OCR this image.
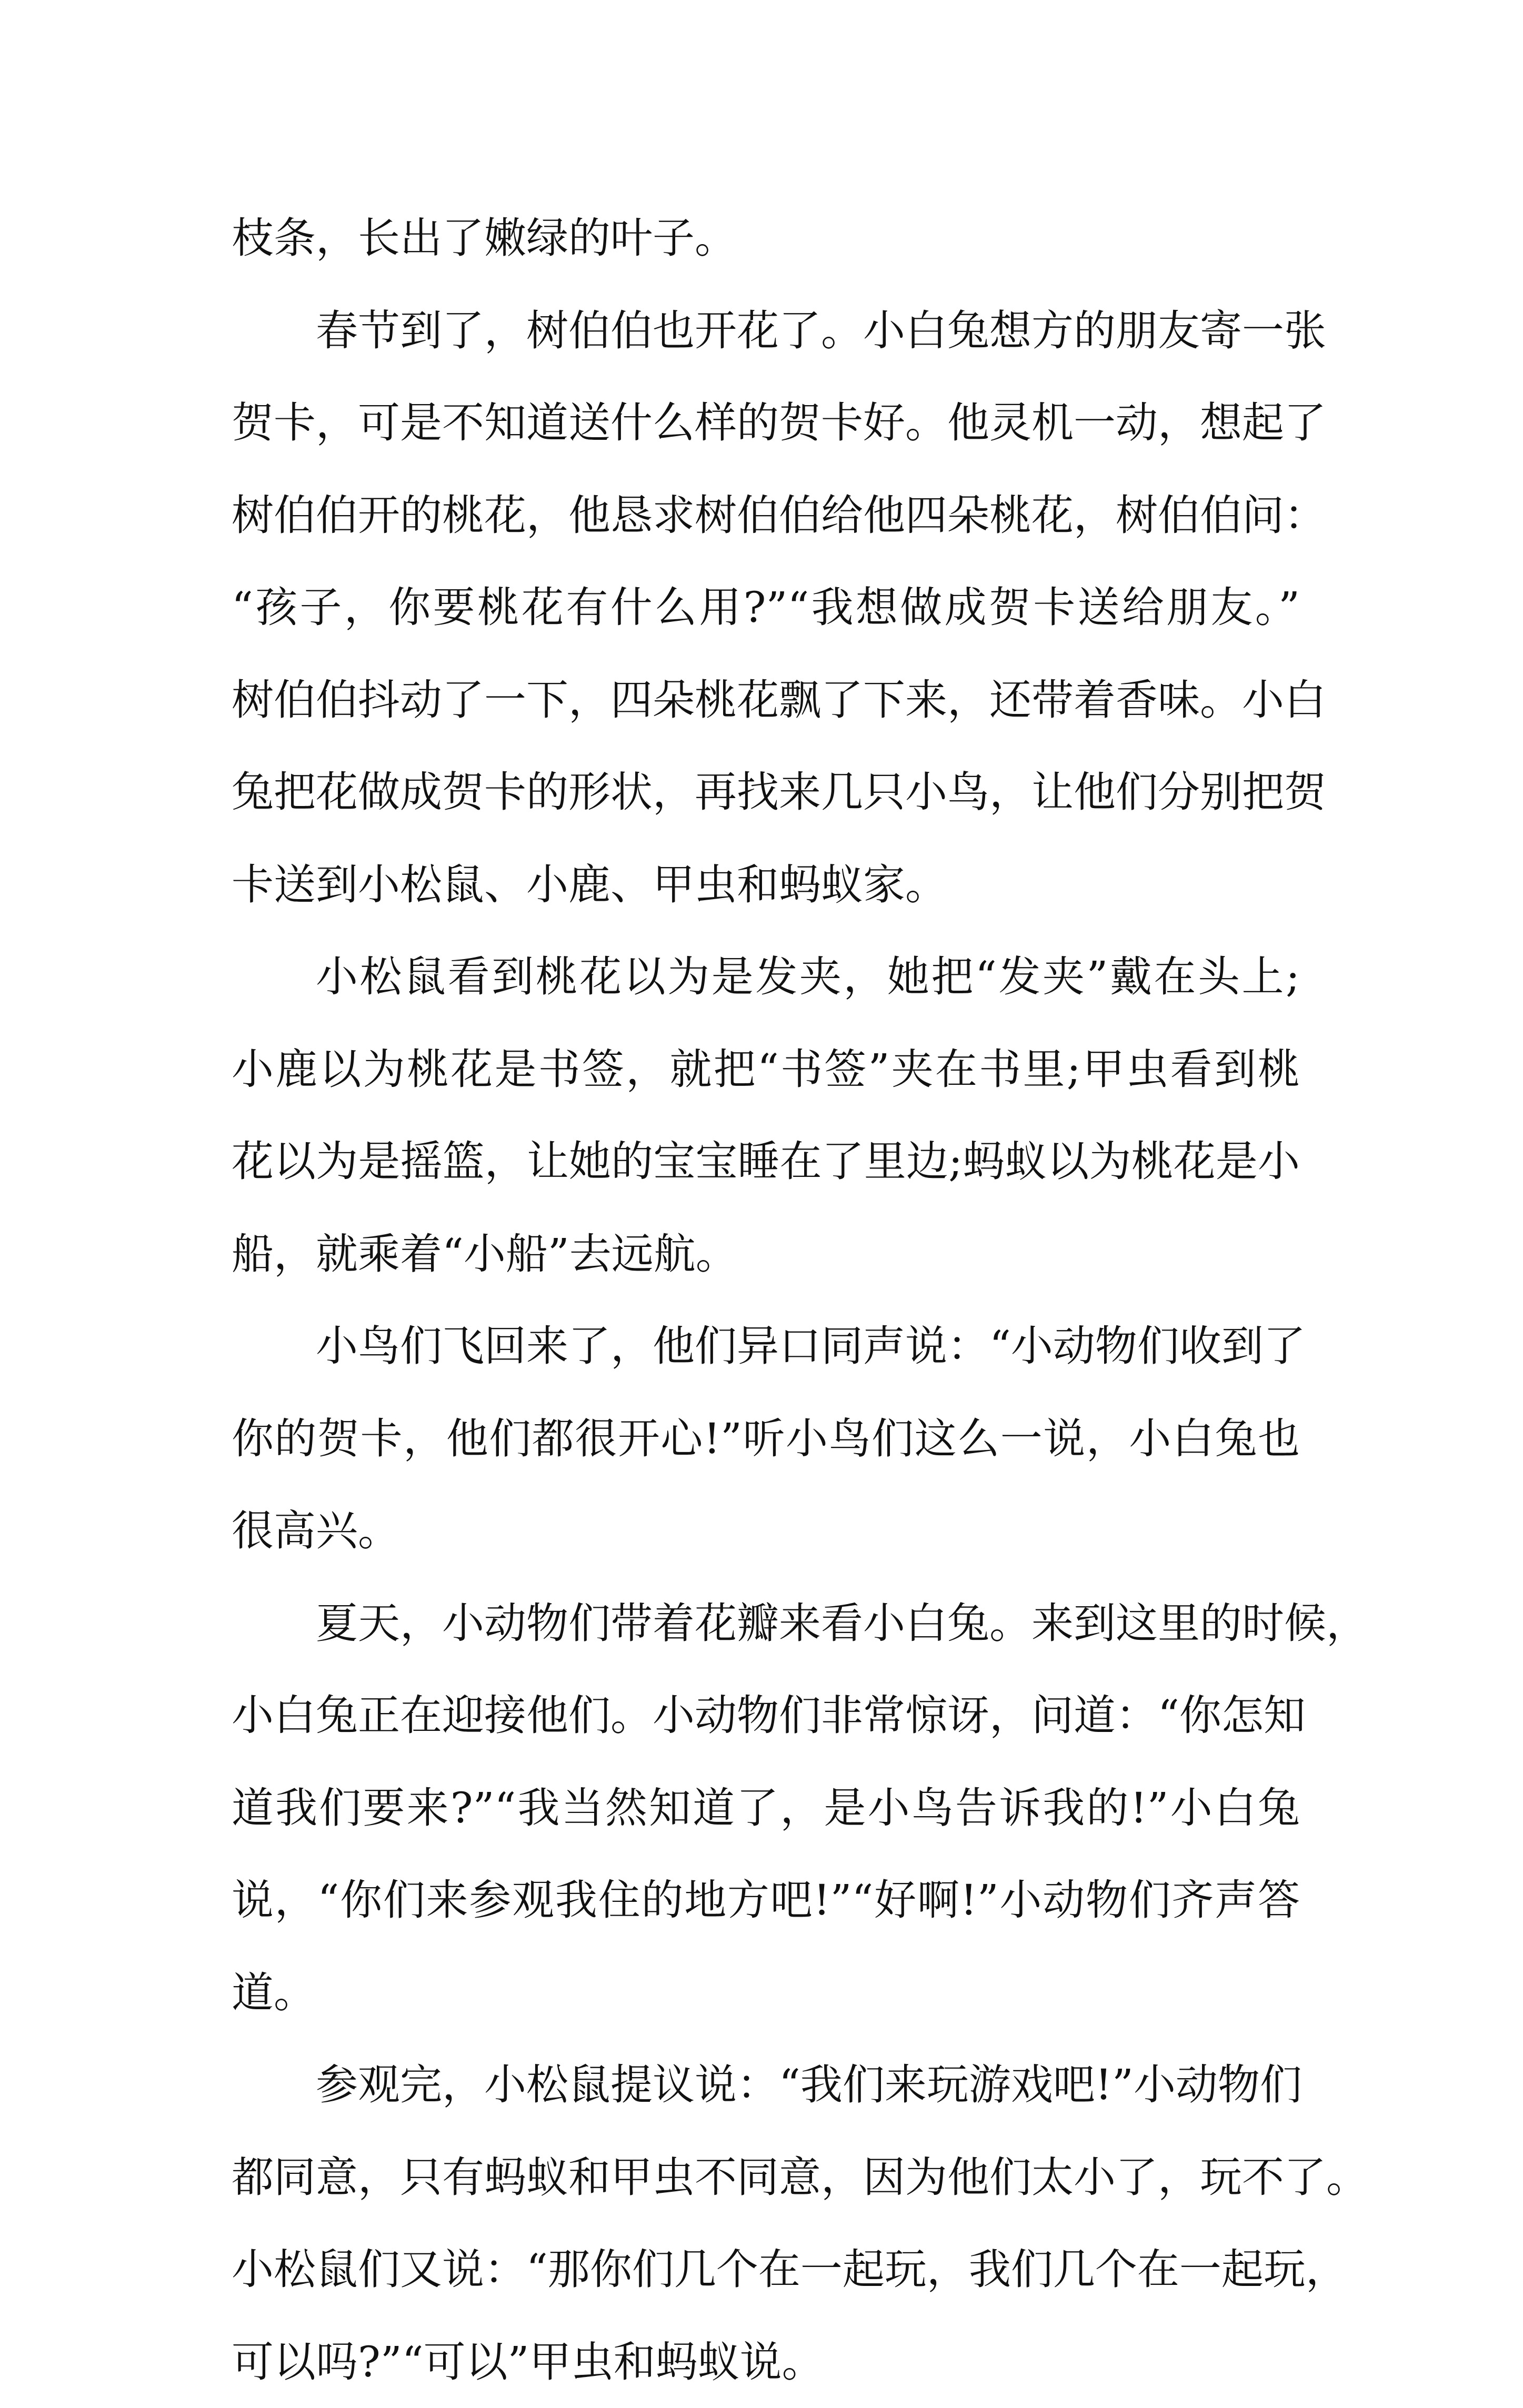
枝条，长出了嫩绿的叶子。
春节到了，树伯伯也开花了。小白兔想方的朋友寄一张
贺卡，可是不知道送什么样的贺卡好。他灵机一动，想起了
树伯伯开的桃花，他恳求树伯伯给他四朵桃花，树伯伯问：
“孩子，你要桃花有什么用?”“我想做成贺卡送给朋友。”
树伯伯抖动了一下，四朵桃花飘了下来，还带着香味。小白
兔把花做成贺卡的形状，再找来几只小鸟，让他们分别把贺
卡送到小松鼠、小鹿、甲虫和蚂蚁家。
小松鼠看到桃花以为是发夹，她把“发夹”戴在头上;
小鹿以为桃花是书签，就把“书签”夹在书里;甲虫看到桃
花以为是摇篮，让她的宝宝睡在了里边;蚂蚁以为桃花是小
船，就乘着“小船”去远航。
小鸟们飞回来了，他们异口同声说：“小动物们收到了
你的贺卡，他们都很开心!”听小鸟们这么一说，小白兔也
很高兴。
夏天，小动物们带着花瓣来看小白兔。来到这里的时候，
小白兔正在迎接他们。小动物们非常惊讶，问道：“你怎知
道我们要来?”“我当然知道了，是小鸟告诉我的!”小白兔
说，“你们来参观我住的地方吧!”“好啊!”小动物们齐声答
道。
参观完，小松鼠提议说：“我们来玩游戏吧!”小动物们
都同意，只有蚂蚁和甲虫不同意，因为他们太小了，玩不了。
小松鼠们又说：“那你们几个在一起玩，我们几个在一起玩，
可以吗?”“可以”甲虫和蚂蚁说。
